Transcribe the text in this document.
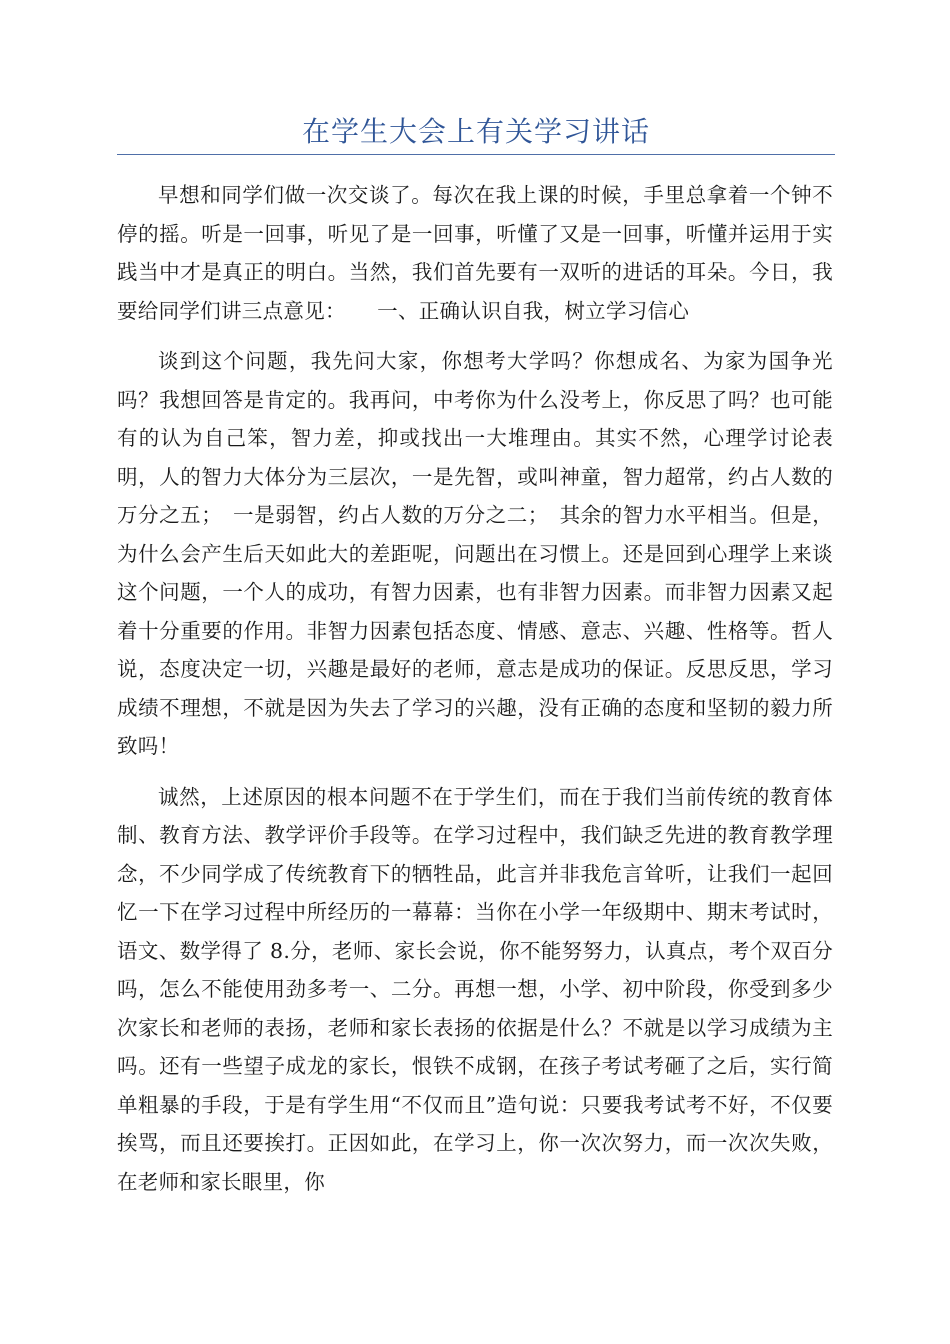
在学生大会上有关学习讲话

早想和同学们做一次交谈了。每次在我上课的时候，手里总拿着一个钟不停的摇。听是一回事，听见了是一回事，听懂了又是一回事，听懂并运用于实践当中才是真正的明白。当然，我们首先要有一双听的进话的耳朵。今日，我要给同学们讲三点意见：　　一、正确认识自我，树立学习信心

谈到这个问题，我先问大家，你想考大学吗？你想成名、为家为国争光吗？我想回答是肯定的。我再问，中考你为什么没考上，你反思了吗？也可能有的认为自己笨，智力差，抑或找出一大堆理由。其实不然，心理学讨论表明，人的智力大体分为三层次，一是先智，或叫神童，智力超常，约占人数的万分之五；　一是弱智，约占人数的万分之二；　其余的智力水平相当。但是，为什么会产生后天如此大的差距呢，问题出在习惯上。还是回到心理学上来谈这个问题，一个人的成功，有智力因素，也有非智力因素。而非智力因素又起着十分重要的作用。非智力因素包括态度、情感、意志、兴趣、性格等。哲人说，态度决定一切，兴趣是最好的老师，意志是成功的保证。反思反思，学习成绩不理想，不就是因为失去了学习的兴趣，没有正确的态度和坚韧的毅力所致吗！

诚然，上述原因的根本问题不在于学生们，而在于我们当前传统的教育体制、教育方法、教学评价手段等。在学习过程中，我们缺乏先进的教育教学理念，不少同学成了传统教育下的牺牲品，此言并非我危言耸听，让我们一起回忆一下在学习过程中所经历的一幕幕：当你在小学一年级期中、期末考试时，语文、数学得了 8.分，老师、家长会说，你不能努努力，认真点，考个双百分吗，怎么不能使用劲多考一、二分。再想一想，小学、初中阶段，你受到多少次家长和老师的表扬，老师和家长表扬的依据是什么？不就是以学习成绩为主吗。还有一些望子成龙的家长，恨铁不成钢，在孩子考试考砸了之后，实行简单粗暴的手段，于是有学生用“不仅而且”造句说：只要我考试考不好，不仅要挨骂，而且还要挨打。正因如此，在学习上，你一次次努力，而一次次失败，在老师和家长眼里，你
